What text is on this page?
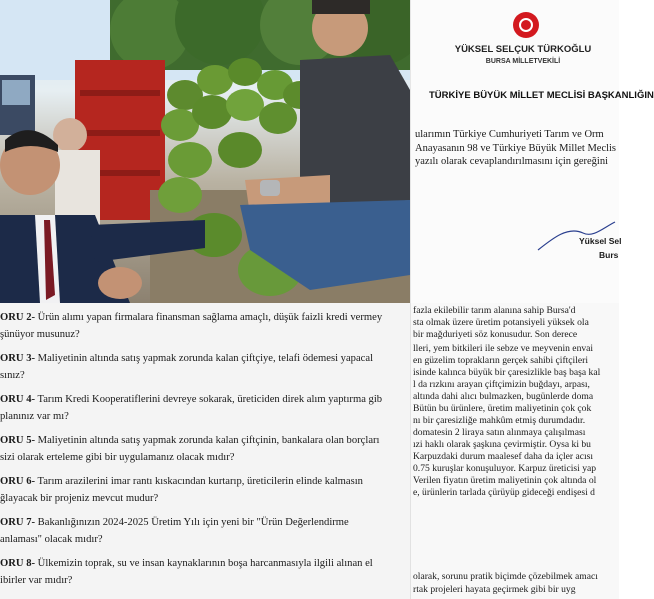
YÜKSEL SELÇUK TÜRKOĞLU
BURSA MİLLETVEKİLİ
TÜRKİYE BÜYÜK MİLLET MECLİSİ BAŞKANLIĞIN
ularımın Türkiye Cumhuriyeti Tarım ve Orm
Anayasanın 98 ve Türkiye Büyük Millet Meclis
yazılı olarak cevaplandırılmasını için gereğini
Yüksel Sel
Burs
ORU 2- Ürün alımı yapan firmalara finansman sağlama amaçlı, düşük faizli kredi vermey
şünüyor musunuz?
ORU 3- Maliyetinin altında satış yapmak zorunda kalan çiftçiye, telafi ödemesi yapacal
sınız?
ORU 4- Tarım Kredi Kooperatiflerini devreye sokarak, üreticiden direk alım yaptırma gib
planınız var mı?
ORU 5- Maliyetinin altında satış yapmak zorunda kalan çiftçinin, bankalara olan borçları
sizi olarak erteleme gibi bir uygulamanız olacak mıdır?
ORU 6- Tarım arazilerini imar rantı kıskacından kurtarıp, üreticilerin elinde kalmasın
ğlayacak bir projeniz mevcut mudur?
ORU 7- Bakanlığınızın 2024-2025 Üretim Yılı için yeni bir "Ürün Değerlendirme
anlaması" olacak mıdır?
ORU 8- Ülkemizin toprak, su ve insan kaynaklarının boşa harcanmasıyla ilgili alınan el
ibirler var mıdır?
fazla ekilebilir tarım alanına sahip Bursa'd
sta olmak üzere üretim potansiyeli yüksek ola
bir mağduriyeti söz konusudur. Son derece
lleri, yem bitkileri ile sebze ve meyvenin envai
en güzelim toprakların gerçek sahibi çiftçileri
isinde kalınca büyük bir çaresizlikle baş başa kal
l da rızkını arayan çiftçimizin buğdayı, arpası,
altında dahi alıcı bulmazken, bugünlerde doma
Bütün bu ürünlere, üretim maliyetinin çok çok
nı bir çaresizliğe mahkûm etmiş durumdadır.
domatesin 2 liraya satın alınmaya çalışılması
ızi haklı olarak şaşkına çevirmiştir. Oysa ki bu
Karpuzdaki durum maalesef daha da içler acısı
0.75 kuruşlar konuşuluyor. Karpuz üreticisi yap
Verilen fiyatın üretim maliyetinin çok altında ol
e, ürünlerin tarlada çürüyüp gideceği endişesi d
olarak, sorunu pratik biçimde çözebilmek amacı
rtak projeleri hayata geçirmek gibi bir uyg
